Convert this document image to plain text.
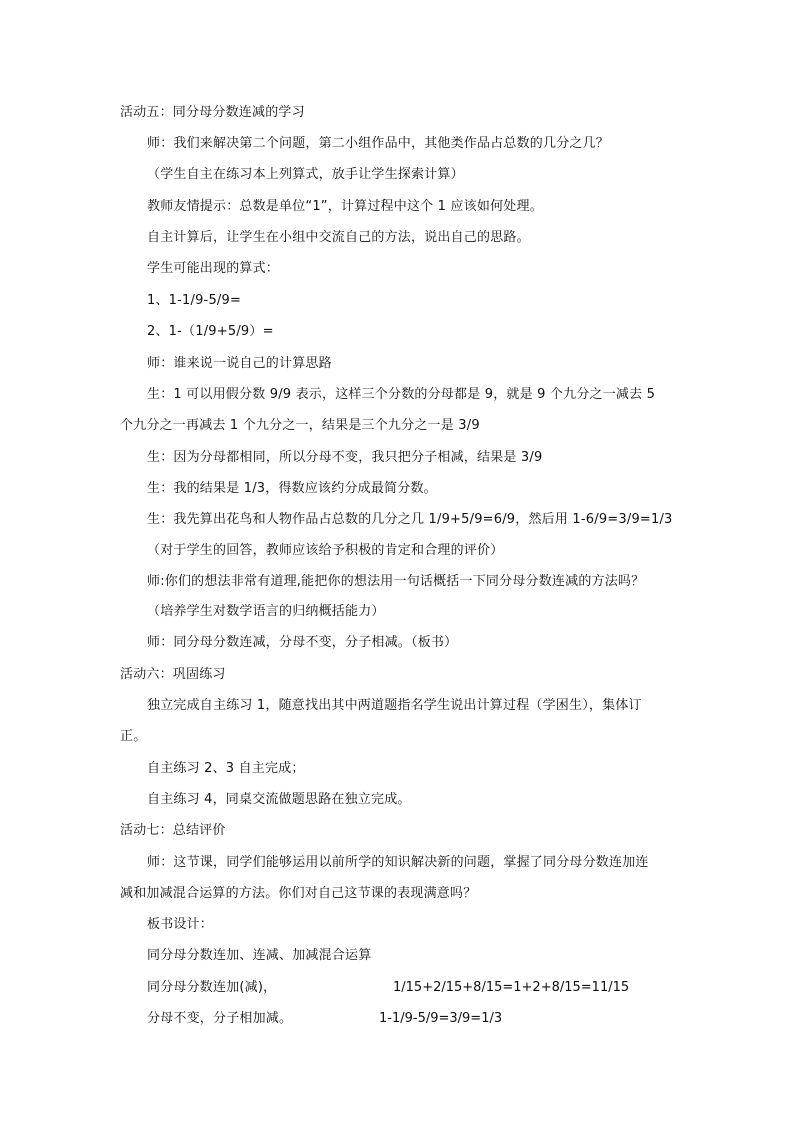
活动五：同分母分数连减的学习
师：我们来解决第二个问题，第二小组作品中，其他类作品占总数的几分之几？
（学生自主在练习本上列算式，放手让学生探索计算）
教师友情提示：总数是单位“1”，计算过程中这个 1 应该如何处理。
自主计算后，让学生在小组中交流自己的方法，说出自己的思路。
学生可能出现的算式：
1、1-1/9-5/9=
2、1-（1/9+5/9）=
师：谁来说一说自己的计算思路
生：1 可以用假分数 9/9 表示，这样三个分数的分母都是 9，就是 9 个九分之一减去 5
个九分之一再减去 1 个九分之一，结果是三个九分之一是 3/9
生：因为分母都相同，所以分母不变，我只把分子相减，结果是 3/9
生：我的结果是 1/3，得数应该约分成最简分数。
生：我先算出花鸟和人物作品占总数的几分之几 1/9+5/9=6/9，然后用 1-6/9=3/9=1/3
（对于学生的回答，教师应该给予积极的肯定和合理的评价）
师:你们的想法非常有道理,能把你的想法用一句话概括一下同分母分数连减的方法吗？
（培养学生对数学语言的归纳概括能力）
师：同分母分数连减，分母不变，分子相减。（板书）
活动六：巩固练习
独立完成自主练习 1，随意找出其中两道题指名学生说出计算过程（学困生），集体订
正。
自主练习 2、3 自主完成；
自主练习 4，同桌交流做题思路在独立完成。
活动七：总结评价
师：这节课，同学们能够运用以前所学的知识解决新的问题，掌握了同分母分数连加连
减和加减混合运算的方法。你们对自己这节课的表现满意吗？
板书设计：
同分母分数连加、连减、加减混合运算
同分母分数连加(减)，	1/15+2/15+8/15=1+2+8/15=11/15
分母不变，分子相加减。	1-1/9-5/9=3/9=1/3
